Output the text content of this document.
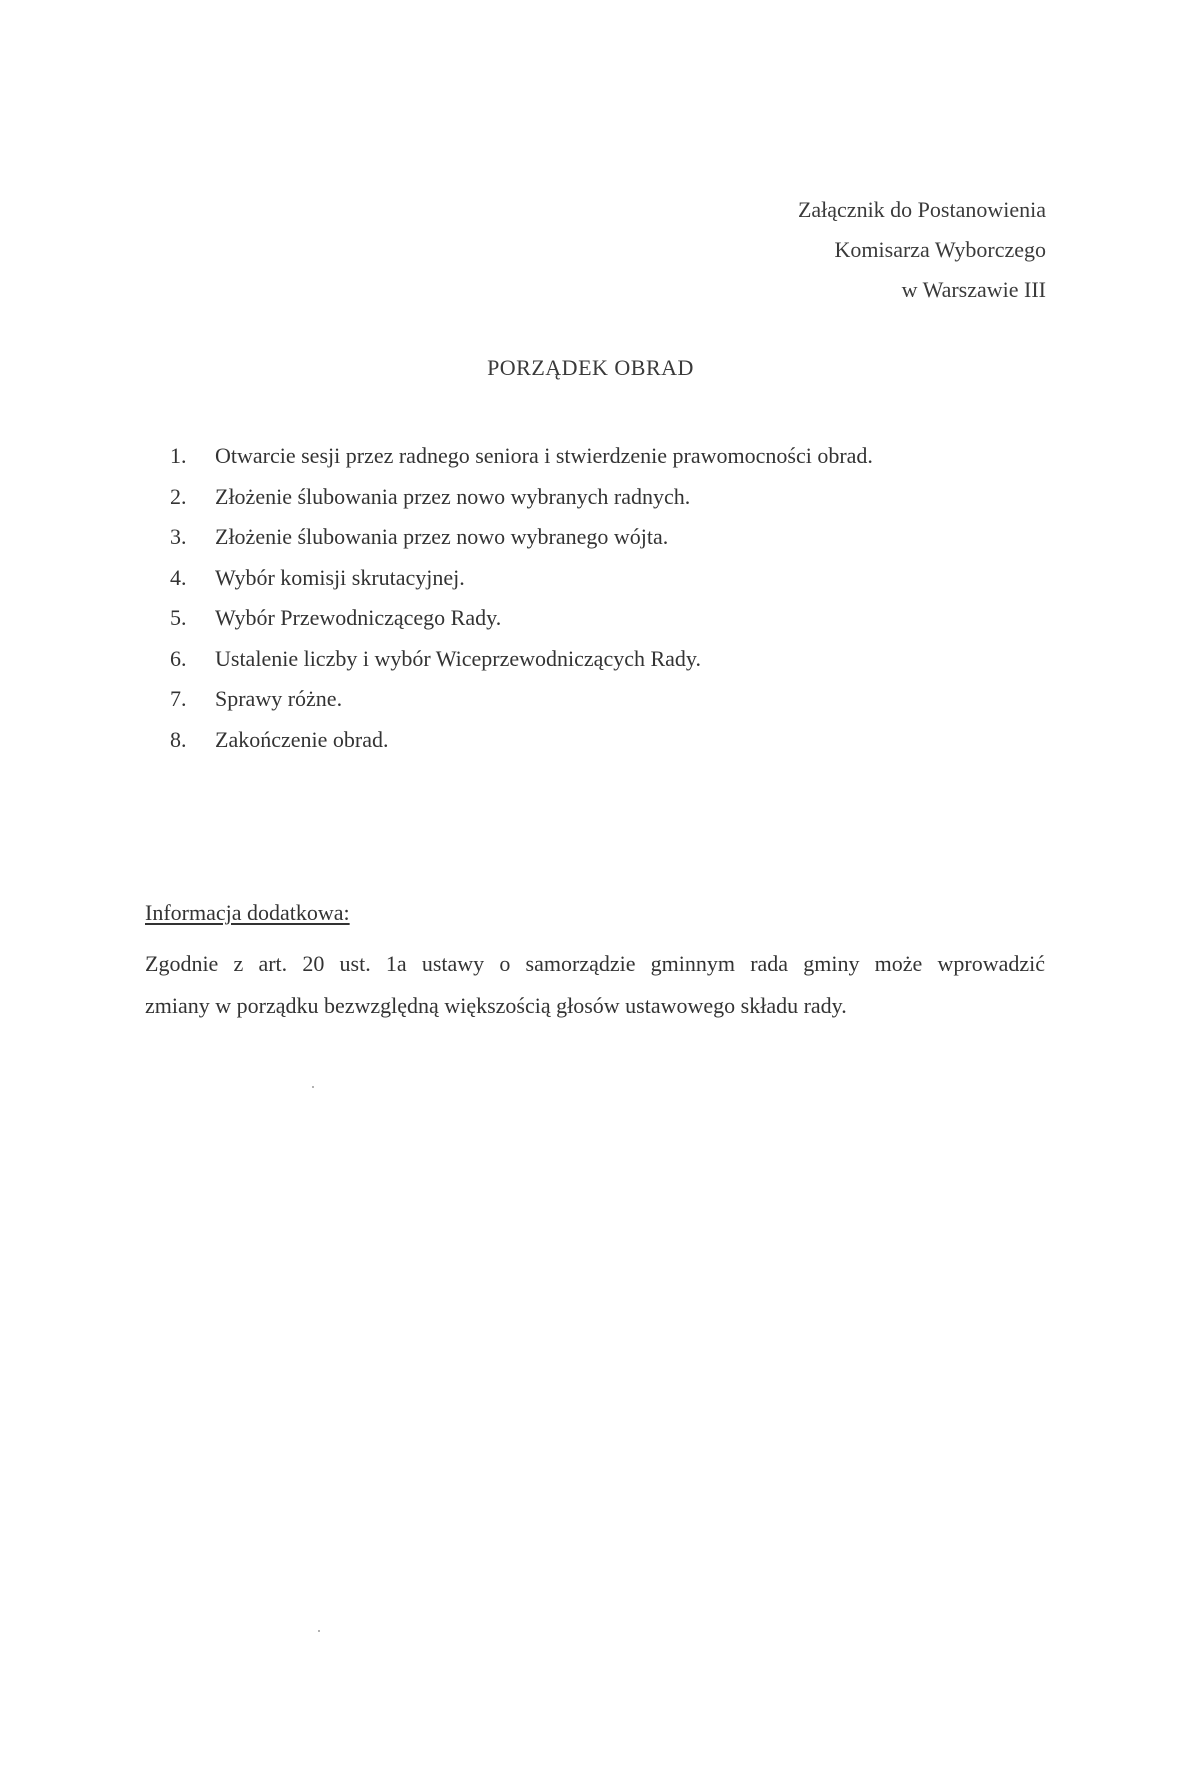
Załącznik do Postanowienia
Komisarza Wyborczego
w Warszawie III
PORZĄDEK OBRAD
1.	Otwarcie sesji przez radnego seniora i stwierdzenie prawomocności obrad.
2.	Złożenie ślubowania przez nowo wybranych radnych.
3.	Złożenie ślubowania przez nowo wybranego wójta.
4.	Wybór komisji skrutacyjnej.
5.	Wybór Przewodniczącego Rady.
6.	Ustalenie liczby i wybór Wiceprzewodniczących Rady.
7.	Sprawy różne.
8.	Zakończenie obrad.
Informacja dodatkowa:
Zgodnie z art. 20 ust. 1a ustawy o samorządzie gminnym rada gminy może wprowadzić
zmiany w porządku bezwzględną większością głosów ustawowego składu rady.
